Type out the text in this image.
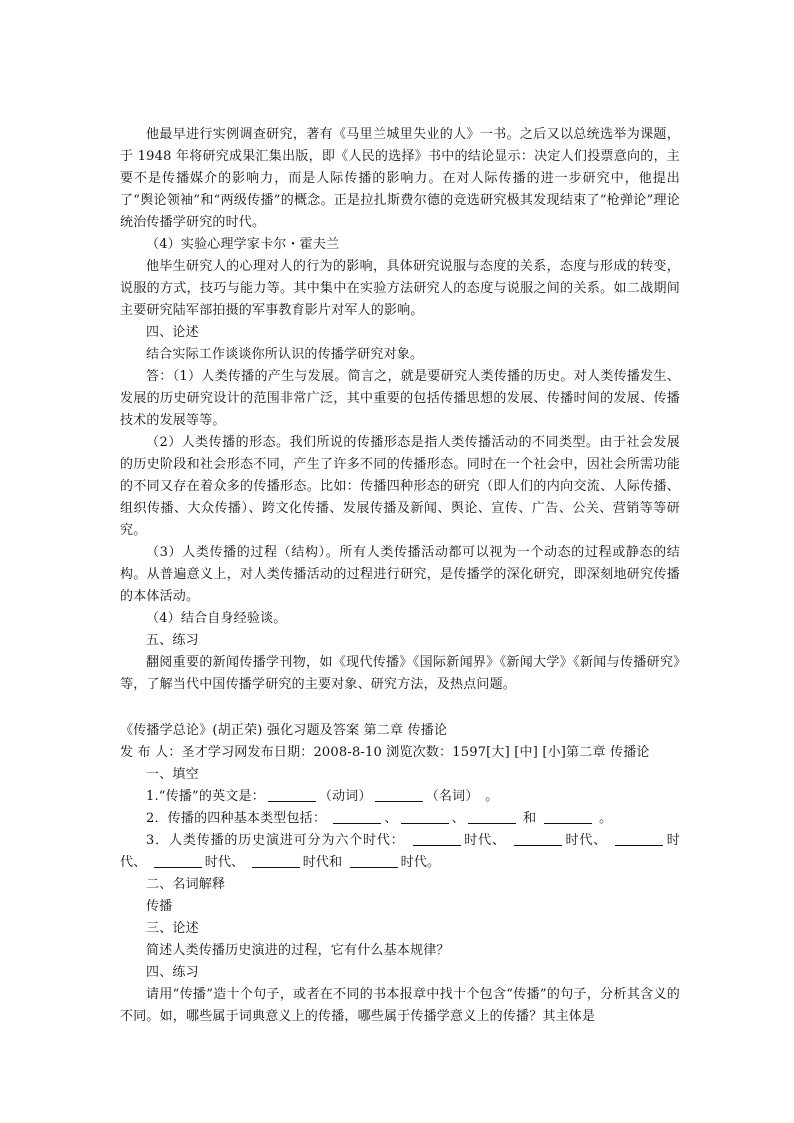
他最早进行实例调查研究，著有《马里兰城里失业的人》一书。之后又以总统选举为课题，于 1948 年将研究成果汇集出版，即《人民的选择》书中的结论显示：决定人们投票意向的，主要不是传播媒介的影响力，而是人际传播的影响力。在对人际传播的进一步研究中，他提出了“舆论领袖”和“两级传播”的概念。正是拉扎斯费尔德的竞选研究极其发现结束了“枪弹论”理论统治传播学研究的时代。

（4）实验心理学家卡尔・霍夫兰

他毕生研究人的心理对人的行为的影响，具体研究说服与态度的关系，态度与形成的转变，说服的方式，技巧与能力等。其中集中在实验方法研究人的态度与说服之间的关系。如二战期间主要研究陆军部拍摄的军事教育影片对军人的影响。

四、论述

结合实际工作谈谈你所认识的传播学研究对象。

答：（1）人类传播的产生与发展。简言之，就是要研究人类传播的历史。对人类传播发生、发展的历史研究设计的范围非常广泛，其中重要的包括传播思想的发展、传播时间的发展、传播技术的发展等等。

（2）人类传播的形态。我们所说的传播形态是指人类传播活动的不同类型。由于社会发展的历史阶段和社会形态不同，产生了许多不同的传播形态。同时在一个社会中，因社会所需功能的不同又存在着众多的传播形态。比如：传播四种形态的研究（即人们的内向交流、人际传播、组织传播、大众传播）、跨文化传播、发展传播及新闻、舆论、宣传、广告、公关、营销等等研究。

（3）人类传播的过程（结构）。所有人类传播活动都可以视为一个动态的过程或静态的结构。从普遍意义上，对人类传播活动的过程进行研究，是传播学的深化研究，即深刻地研究传播的本体活动。

（4）结合自身经验谈。

五、练习

翻阅重要的新闻传播学刊物，如《现代传播》《国际新闻界》《新闻大学》《新闻与传播研究》等，了解当代中国传播学研究的主要对象、研究方法，及热点问题。

《传播学总论》(胡正荣) 强化习题及答案 第二章 传播论

发 布 人：圣才学习网发布日期：2008-8-10 浏览次数：1597[大] [中] [小]第二章 传播论

一、填空

1.“传播”的英文是：	（动词）	（名词）　。

2．传播的四种基本类型包括：	、	、	和	。

3．人类传播的历史演进可分为六个时代：	时代、	时代、	时代、	时代、	时代和	时代。

二、名词解释

传播

三、论述

简述人类传播历史演进的过程，它有什么基本规律？

四、练习

请用“传播”造十个句子，或者在不同的书本报章中找十个包含“传播”的句子，分析其含义的不同。如，哪些属于词典意义上的传播，哪些属于传播学意义上的传播？其主体是
